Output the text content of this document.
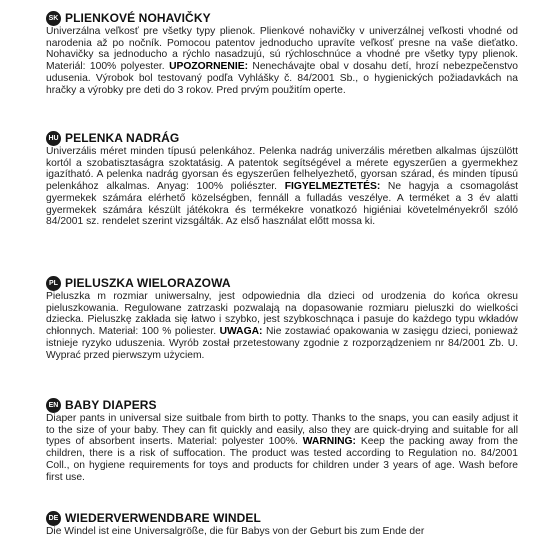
SK PLIENKOVÉ NOHAVIČKY

Univerzálna veľkosť pre všetky typy plienok. Plienkové nohavičky v univerzálnej veľkosti vhodné od narodenia až po nočník. Pomocou patentov jednoducho upravíte veľkosť presne na vaše dieťatko. Nohavičky sa jednoducho a rýchlo nasadzujú, sú rýchloschnúce a vhodné pre všetky typy plienok. Materiál: 100% polyester. UPOZORNENIE: Nenechávajte obal v dosahu detí, hrozí nebezpečenstvo udusenia. Výrobok bol testovaný podľa Vyhlášky č. 84/2001 Sb., o hygienických požiadavkách na hračky a výrobky pre deti do 3 rokov. Pred prvým použitím operte.

HU PELENKA NADRÁG

Univerzális méret minden típusú pelenkához. Pelenka nadrág univerzális méretben alkalmas újszülött kortól a szobatisztaságra szoktatásig. A patentok segítségével a mérete egyszerűen a gyermekhez igazítható. A pelenka nadrág gyorsan és egyszerűen felhelyezhető, gyorsan szárad, és minden típusú pelenkához alkalmas. Anyag: 100% poliészter. FIGYELMEZTETÉS: Ne hagyja a csomagolást gyermekek számára elérhető közelségben, fennáll a fulladás veszélye. A terméket a 3 év alatti gyermekek számára készült játékokra és termékekre vonatkozó higiéniai követelményekről szóló 84/2001 sz. rendelet szerint vizsgálták. Az első használat előtt mossa ki.

PL PIELUSZKA WIELORAZOWA

Pieluszka m rozmiar uniwersalny, jest odpowiednia dla dzieci od urodzenia do końca okresu pieluszkowania. Regulowane zatrzaski pozwalają na dopasowanie rozmiaru pieluszki do wielkości dziecka. Pieluszkę zakłada się łatwo i szybko, jest szybkoschnąca i pasuje do każdego typu wkładów chłonnych. Materiał: 100 % poliester. UWAGA: Nie zostawiać opakowania w zasięgu dzieci, ponieważ istnieje ryzyko uduszenia. Wyrób został przetestowany zgodnie z rozporządzeniem nr 84/2001 Zb. U. Wyprać przed pierwszym użyciem.

EN BABY DIAPERS

Diaper pants in universal size suitbale from birth to potty. Thanks to the snaps, you can easily adjust it to the size of your baby. They can fit quickly and easily, also they are quick-drying and suitable for all types of absorbent inserts. Material: polyester 100%. WARNING: Keep the packing away from the children, there is a risk of suffocation. The product was tested according to Regulation no. 84/2001 Coll., on hygiene requirements for toys and products for children under 3 years of age. Wash before first use.

DE WIEDERVERWENDBARE WINDEL

Die Windel ist eine Universalgröße, die für Babys von der Geburt bis zum Ende der
